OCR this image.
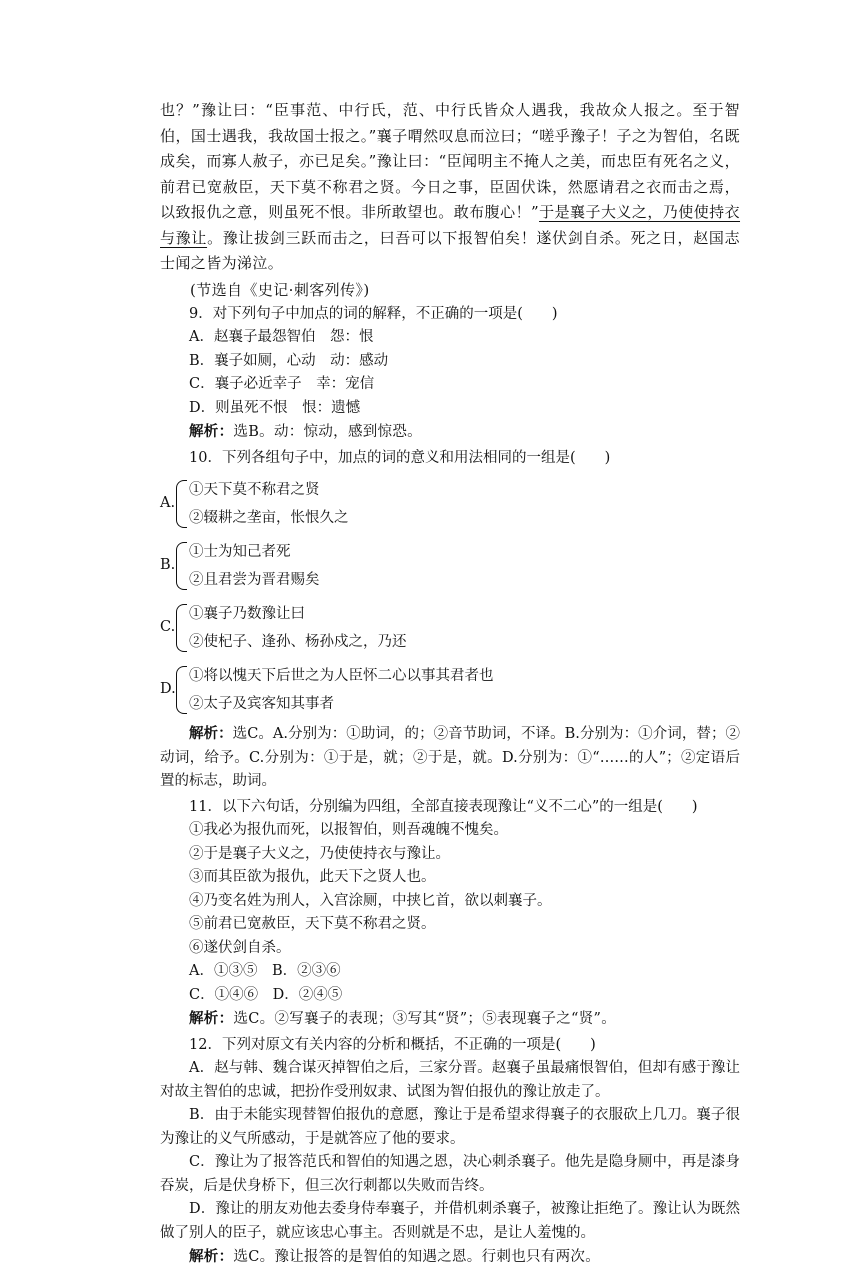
也？”豫让曰：“臣事范、中行氏，范、中行氏皆众人遇我，我故众人报之。至于智伯，国士遇我，我故国士报之。”襄子喟然叹息而泣曰；“嗟乎豫子！子之为智伯，名既成矣，而寡人赦子，亦已足矣。”豫让曰：“臣闻明主不掩人之美，而忠臣有死名之义，前君已宽赦臣，天下莫不称君之贤。今日之事，臣固伏诛，然愿请君之衣而击之焉，以致报仇之意，则虽死不恨。非所敢望也。敢布腹心！”于是襄子大义之，乃使使持衣与豫让。豫让拔剑三跃而击之，曰吾可以下报智伯矣！遂伏剑自杀。死之日，赵国志士闻之皆为涕泣。

(节选自《史记·刺客列传》)

9．对下列句子中加点的词的解释，不正确的一项是(　　)

A．赵襄子最怨智伯　怨：恨

B．襄子如厕，心动　动：感动

C．襄子必近幸子　幸：宠信

D．则虽死不恨　恨：遗憾

解析：选B。动：惊动，感到惊恐。

10．下列各组句子中，加点的词的意义和用法相同的一组是(　　)

A.
①天下莫不称君之贤
②辍耕之垄亩，怅恨久之
B.
①士为知己者死
②且君尝为晋君赐矣
C.
①襄子乃数豫让曰
②使杞子、逢孙、杨孙戍之，乃还
D.
①将以愧天下后世之为人臣怀二心以事其君者也
②太子及宾客知其事者

解析：选C。A.分别为：①助词，的；②音节助词，不译。B.分别为：①介词，替；②动词，给予。C.分别为：①于是，就；②于是，就。D.分别为：①“……的人”；②定语后置的标志，助词。

11．以下六句话，分别编为四组，全部直接表现豫让“义不二心”的一组是(　　)

①我必为报仇而死，以报智伯，则吾魂魄不愧矣。

②于是襄子大义之，乃使使持衣与豫让。

③而其臣欲为报仇，此天下之贤人也。

④乃变名姓为刑人，入宫涂厕，中挟匕首，欲以刺襄子。

⑤前君已宽赦臣，天下莫不称君之贤。

⑥遂伏剑自杀。

A．①③⑤　B．②③⑥

C．①④⑥　D．②④⑤

解析：选C。②写襄子的表现；③写其“贤”；⑤表现襄子之“贤”。

12．下列对原文有关内容的分析和概括，不正确的一项是(　　)

A．赵与韩、魏合谋灭掉智伯之后，三家分晋。赵襄子虽最痛恨智伯，但却有感于豫让对故主智伯的忠诚，把扮作受刑奴隶、试图为智伯报仇的豫让放走了。

B．由于未能实现替智伯报仇的意愿，豫让于是希望求得襄子的衣服砍上几刀。襄子很为豫让的义气所感动，于是就答应了他的要求。

C．豫让为了报答范氏和智伯的知遇之恩，决心刺杀襄子。他先是隐身厕中，再是漆身吞炭，后是伏身桥下，但三次行刺都以失败而告终。

D．豫让的朋友劝他去委身侍奉襄子，并借机刺杀襄子，被豫让拒绝了。豫让认为既然做了别人的臣子，就应该忠心事主。否则就是不忠，是让人羞愧的。

解析：选C。豫让报答的是智伯的知遇之恩。行刺也只有两次。
